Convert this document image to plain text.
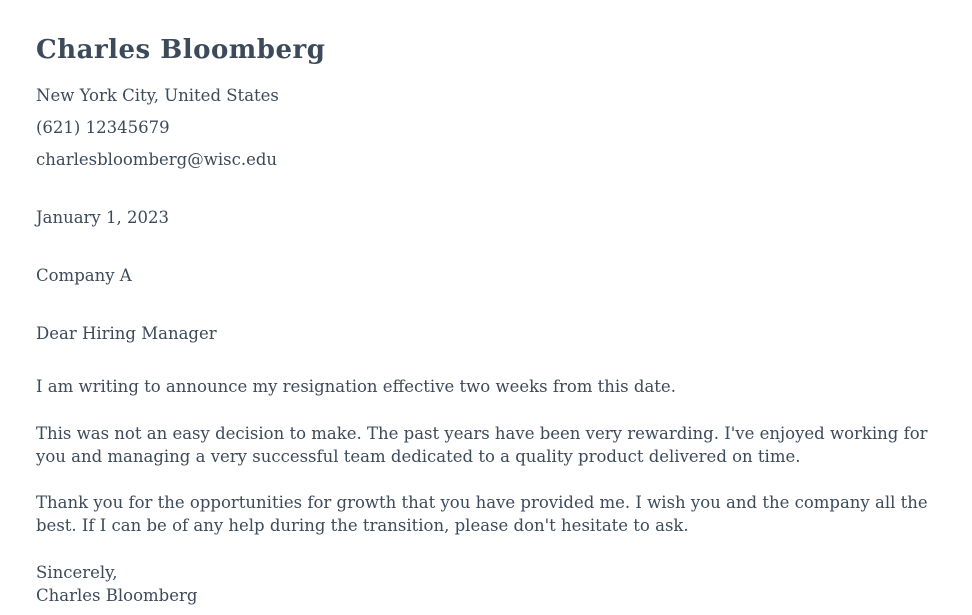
Charles Bloomberg

New York City, United States

(621) 12345679

charlesbloomberg@wisc.edu

January 1, 2023

Company A

Dear Hiring Manager

I am writing to announce my resignation effective two weeks from this date.

This was not an easy decision to make. The past years have been very rewarding. I've enjoyed working for you and managing a very successful team dedicated to a quality product delivered on time.

Thank you for the opportunities for growth that you have provided me. I wish you and the company all the best. If I can be of any help during the transition, please don't hesitate to ask.

Sincerely,

Charles Bloomberg
